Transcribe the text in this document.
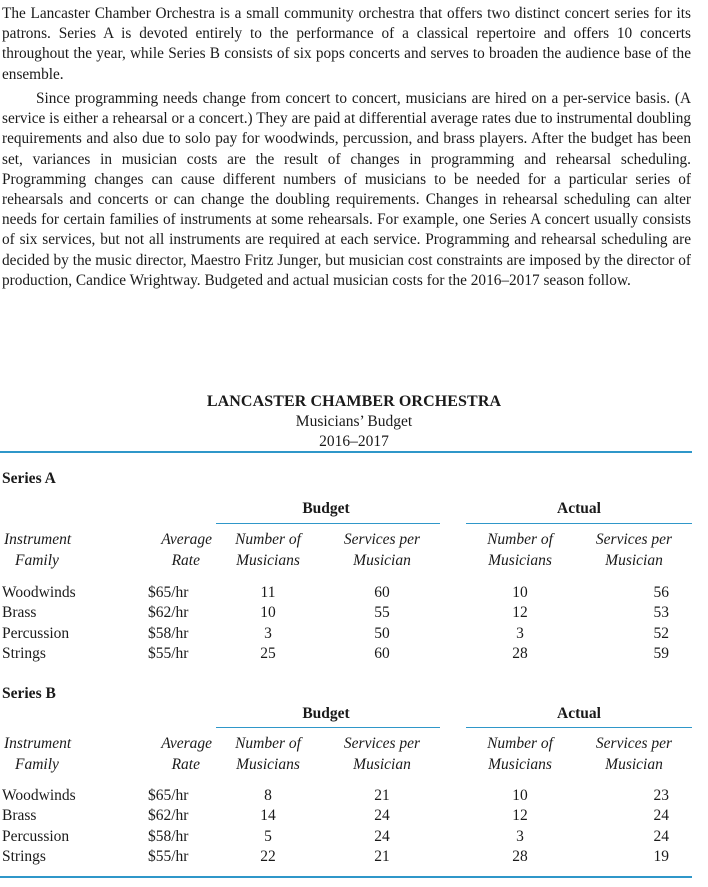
The Lancaster Chamber Orchestra is a small community orchestra that offers two distinct concert series for its patrons. Series A is devoted entirely to the performance of a classical repertoire and offers 10 concerts throughout the year, while Series B consists of six pops concerts and serves to broaden the audience base of the ensemble.

Since programming needs change from concert to concert, musicians are hired on a per-service basis. (A service is either a rehearsal or a concert.) They are paid at differential average rates due to instrumental doubling requirements and also due to solo pay for woodwinds, percussion, and brass players. After the budget has been set, variances in musician costs are the result of changes in programming and rehearsal scheduling. Programming changes can cause different numbers of musicians to be needed for a particular series of rehearsals and concerts or can change the doubling requirements. Changes in rehearsal scheduling can alter needs for certain families of instruments at some rehearsals. For example, one Series A concert usually consists of six services, but not all instruments are required at each service. Programming and rehearsal scheduling are decided by the music director, Maestro Fritz Junger, but musician cost constraints are imposed by the director of production, Candice Wrightway. Budgeted and actual musician costs for the 2016–2017 season follow.

LANCASTER CHAMBER ORCHESTRA
Musicians’ Budget
2016–2017
Series A
Budget	Actual
Instrument
Family
Average
Rate
Number of
Musicians
Services per
Musician
Number of
Musicians
Services per
Musician
Woodwinds
Brass
Percussion
Strings
$65/hr
$62/hr
$58/hr
$55/hr
11
10
3
25
60
55
50
60
10
12
3
28
56
53
52
59
Series B
Budget	Actual
Instrument
Family
Average
Rate
Number of
Musicians
Services per
Musician
Number of
Musicians
Services per
Musician
Woodwinds
Brass
Percussion
Strings
$65/hr
$62/hr
$58/hr
$55/hr
8
14
5
22
21
24
24
21
10
12
3
28
23
24
24
19
